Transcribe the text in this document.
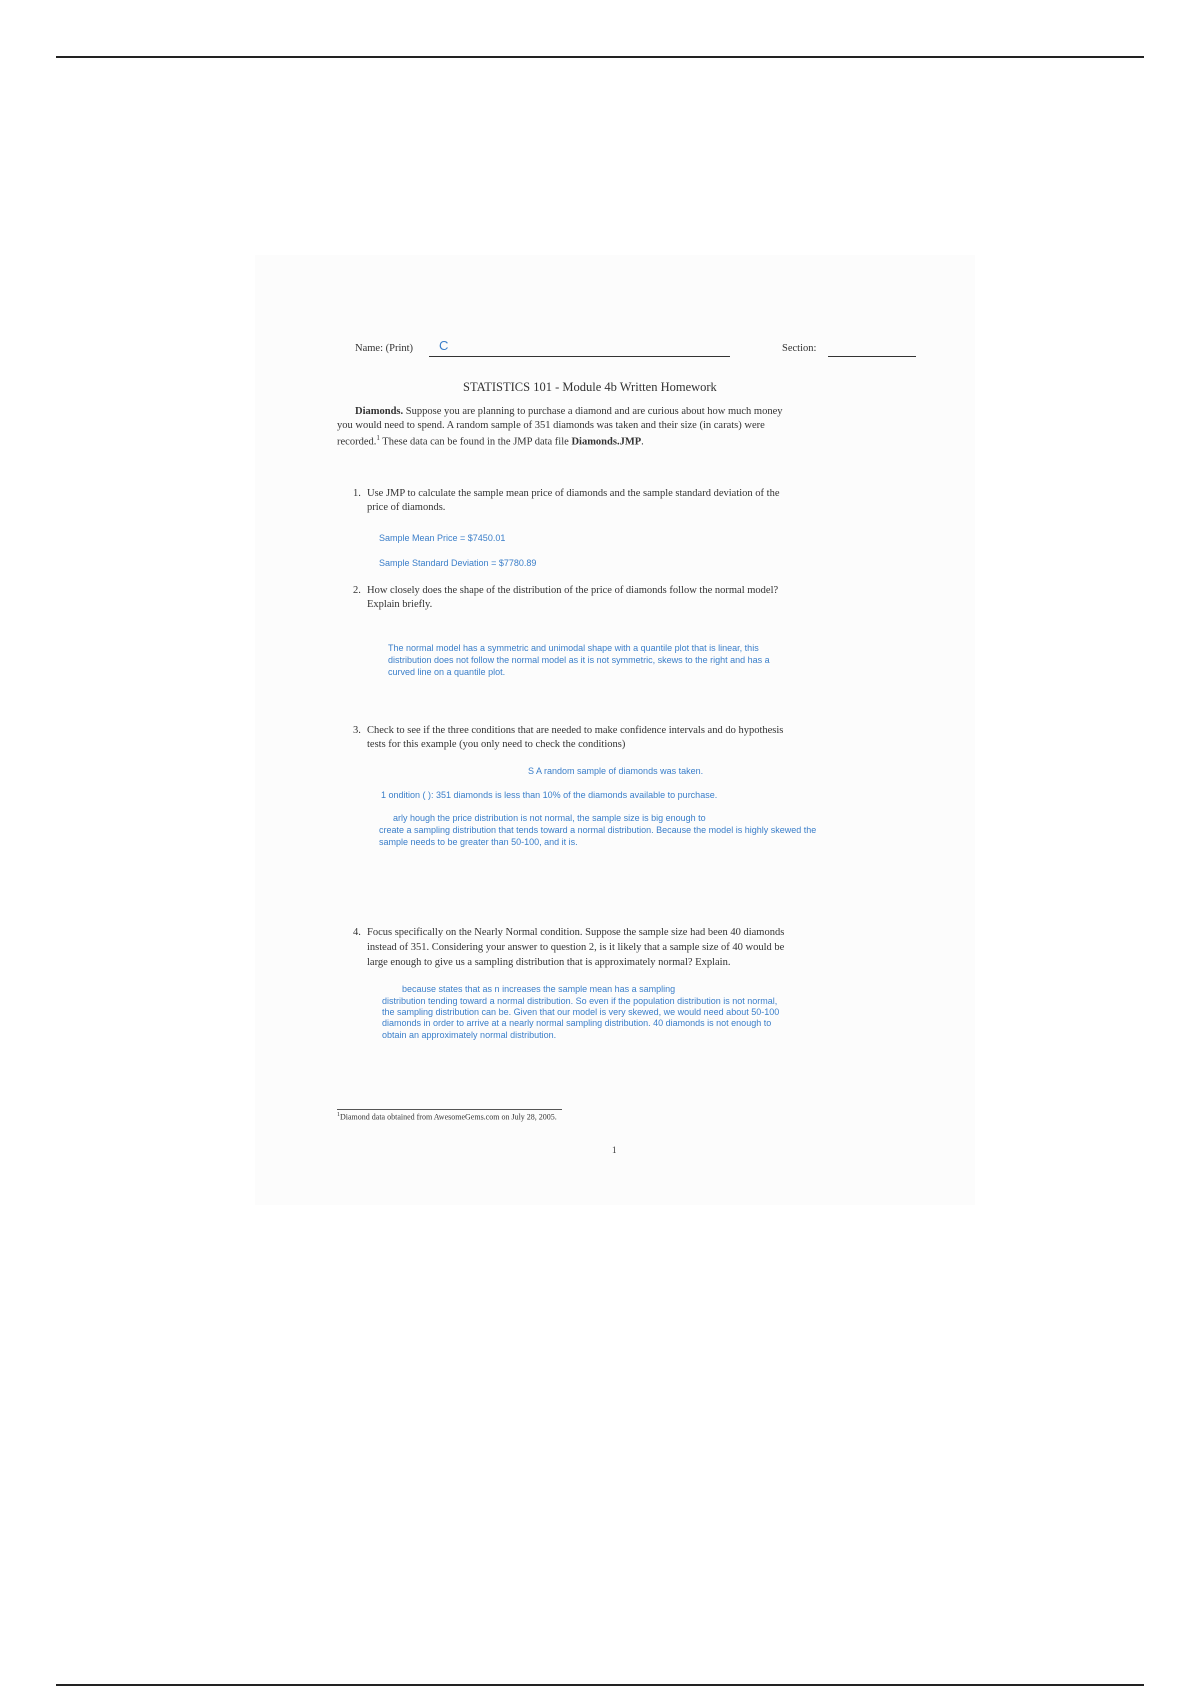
Name: (Print) C	Section:
STATISTICS 101 - Module 4b Written Homework
Diamonds. Suppose you are planning to purchase a diamond and are curious about how much money
you would need to spend. A random sample of 351 diamonds was taken and their size (in carats) were
recorded.$^1$ These data can be found in the JMP data file Diamonds.JMP.
1. Use JMP to calculate the sample mean price of diamonds and the sample standard deviation of the
price of diamonds.
Sample Mean Price = $7450.01
Sample Standard Deviation = $7780.89
2. How closely does the shape of the distribution of the price of diamonds follow the normal model?
Explain briefly.
The normal model has a symmetric and unimodal shape with a quantile plot that is linear, this
distribution does not follow the normal model as it is not symmetric, skews to the right and has a
curved line on a quantile plot.
3. Check to see if the three conditions that are needed to make confidence intervals and do hypothesis
tests for this example (you only need to check the conditions)
S A random sample of diamonds was taken.
1 ondition ( ): 351 diamonds is less than 10% of the diamonds available to purchase.
arly hough the price distribution is not normal, the sample size is big enough to
create a sampling distribution that tends toward a normal distribution. Because the model is highly skewed the
sample needs to be greater than 50-100, and it is.
4. Focus specifically on the Nearly Normal condition. Suppose the sample size had been 40 diamonds
instead of 351. Considering your answer to question 2, is it likely that a sample size of 40 would be
large enough to give us a sampling distribution that is approximately normal? Explain.
because states that as n increases the sample mean has a sampling
distribution tending toward a normal distribution. So even if the population distribution is not normal,
the sampling distribution can be. Given that our model is very skewed, we would need about 50-100
diamonds in order to arrive at a nearly normal sampling distribution. 40 diamonds is not enough to
obtain an approximately normal distribution.
$^1$Diamond data obtained from AwesomeGems.com on July 28, 2005.
1
